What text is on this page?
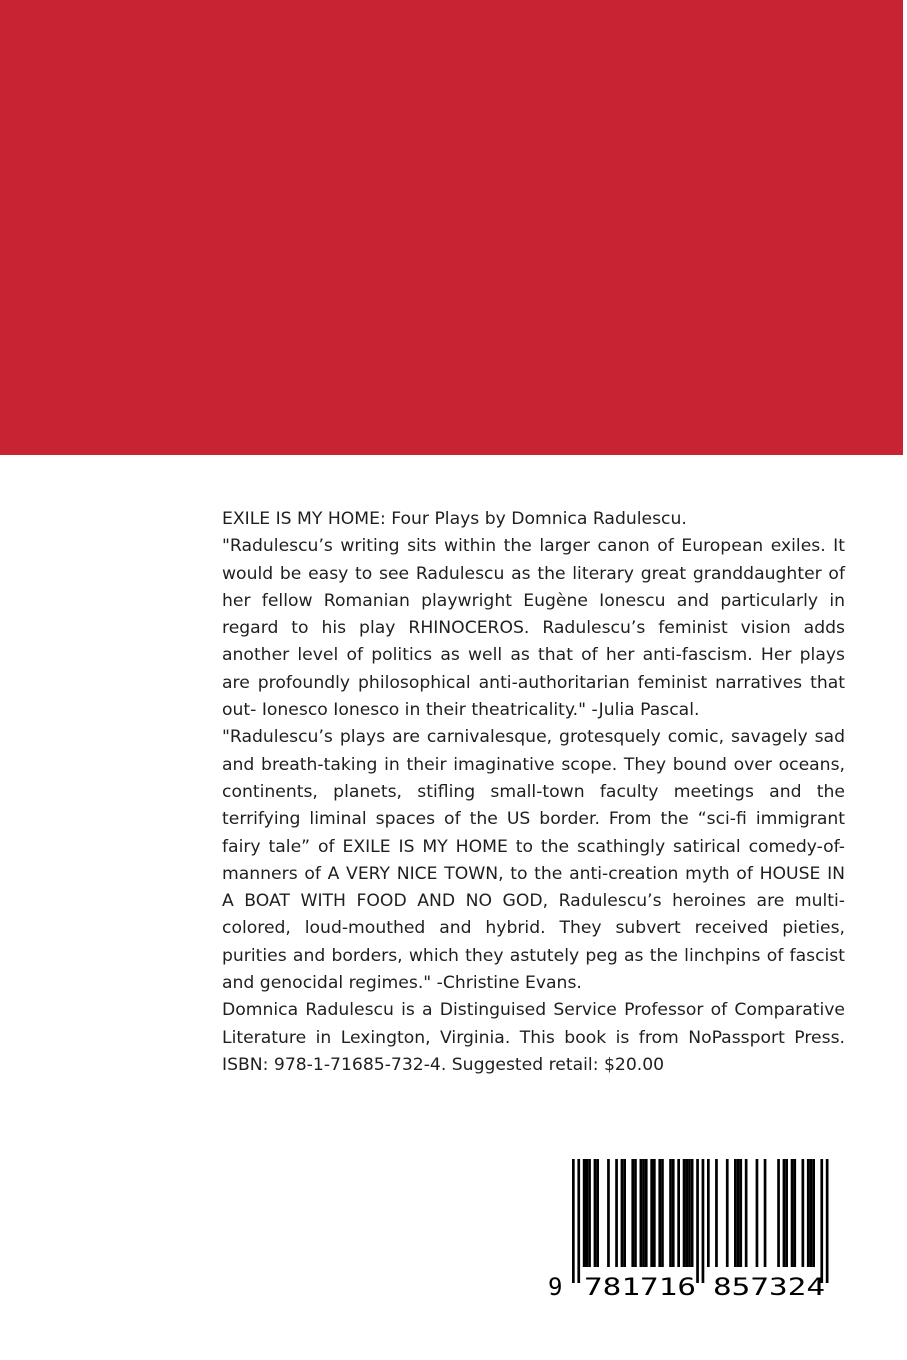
EXILE IS MY HOME: Four Plays by Domnica Radulescu.

"Radulescu’s writing sits within the larger canon of European exiles. It would be easy to see Radulescu as the literary great granddaughter of her fellow Romanian playwright Eugène Ionescu and particularly in regard to his play RHINOCEROS. Radulescu’s feminist vision adds another level of politics as well as that of her anti-fascism. Her plays are profoundly philosophical anti-authoritarian feminist narratives that out- Ionesco Ionesco in their theatricality." -Julia Pascal.

"Radulescu’s plays are carnivalesque, grotesquely comic, savagely sad and breath-taking in their imaginative scope. They bound over oceans, continents, planets, stifling small-town faculty meetings and the terrifying liminal spaces of the US border. From the “sci-fi immigrant fairy tale” of EXILE IS MY HOME to the scathingly satirical comedy-of-manners of A VERY NICE TOWN, to the anti-creation myth of HOUSE IN A BOAT WITH FOOD AND NO GOD, Radulescu’s heroines are multi-colored, loud-mouthed and hybrid. They subvert received pieties, purities and borders, which they astutely peg as the linchpins of fascist and genocidal regimes." -Christine Evans.

Domnica Radulescu is a Distinguised Service Professor of Comparative Literature in Lexington, Virginia. This book is from NoPassport Press. ISBN: 978-1-71685-732-4. Suggested retail: $20.00

9 781716 857324
